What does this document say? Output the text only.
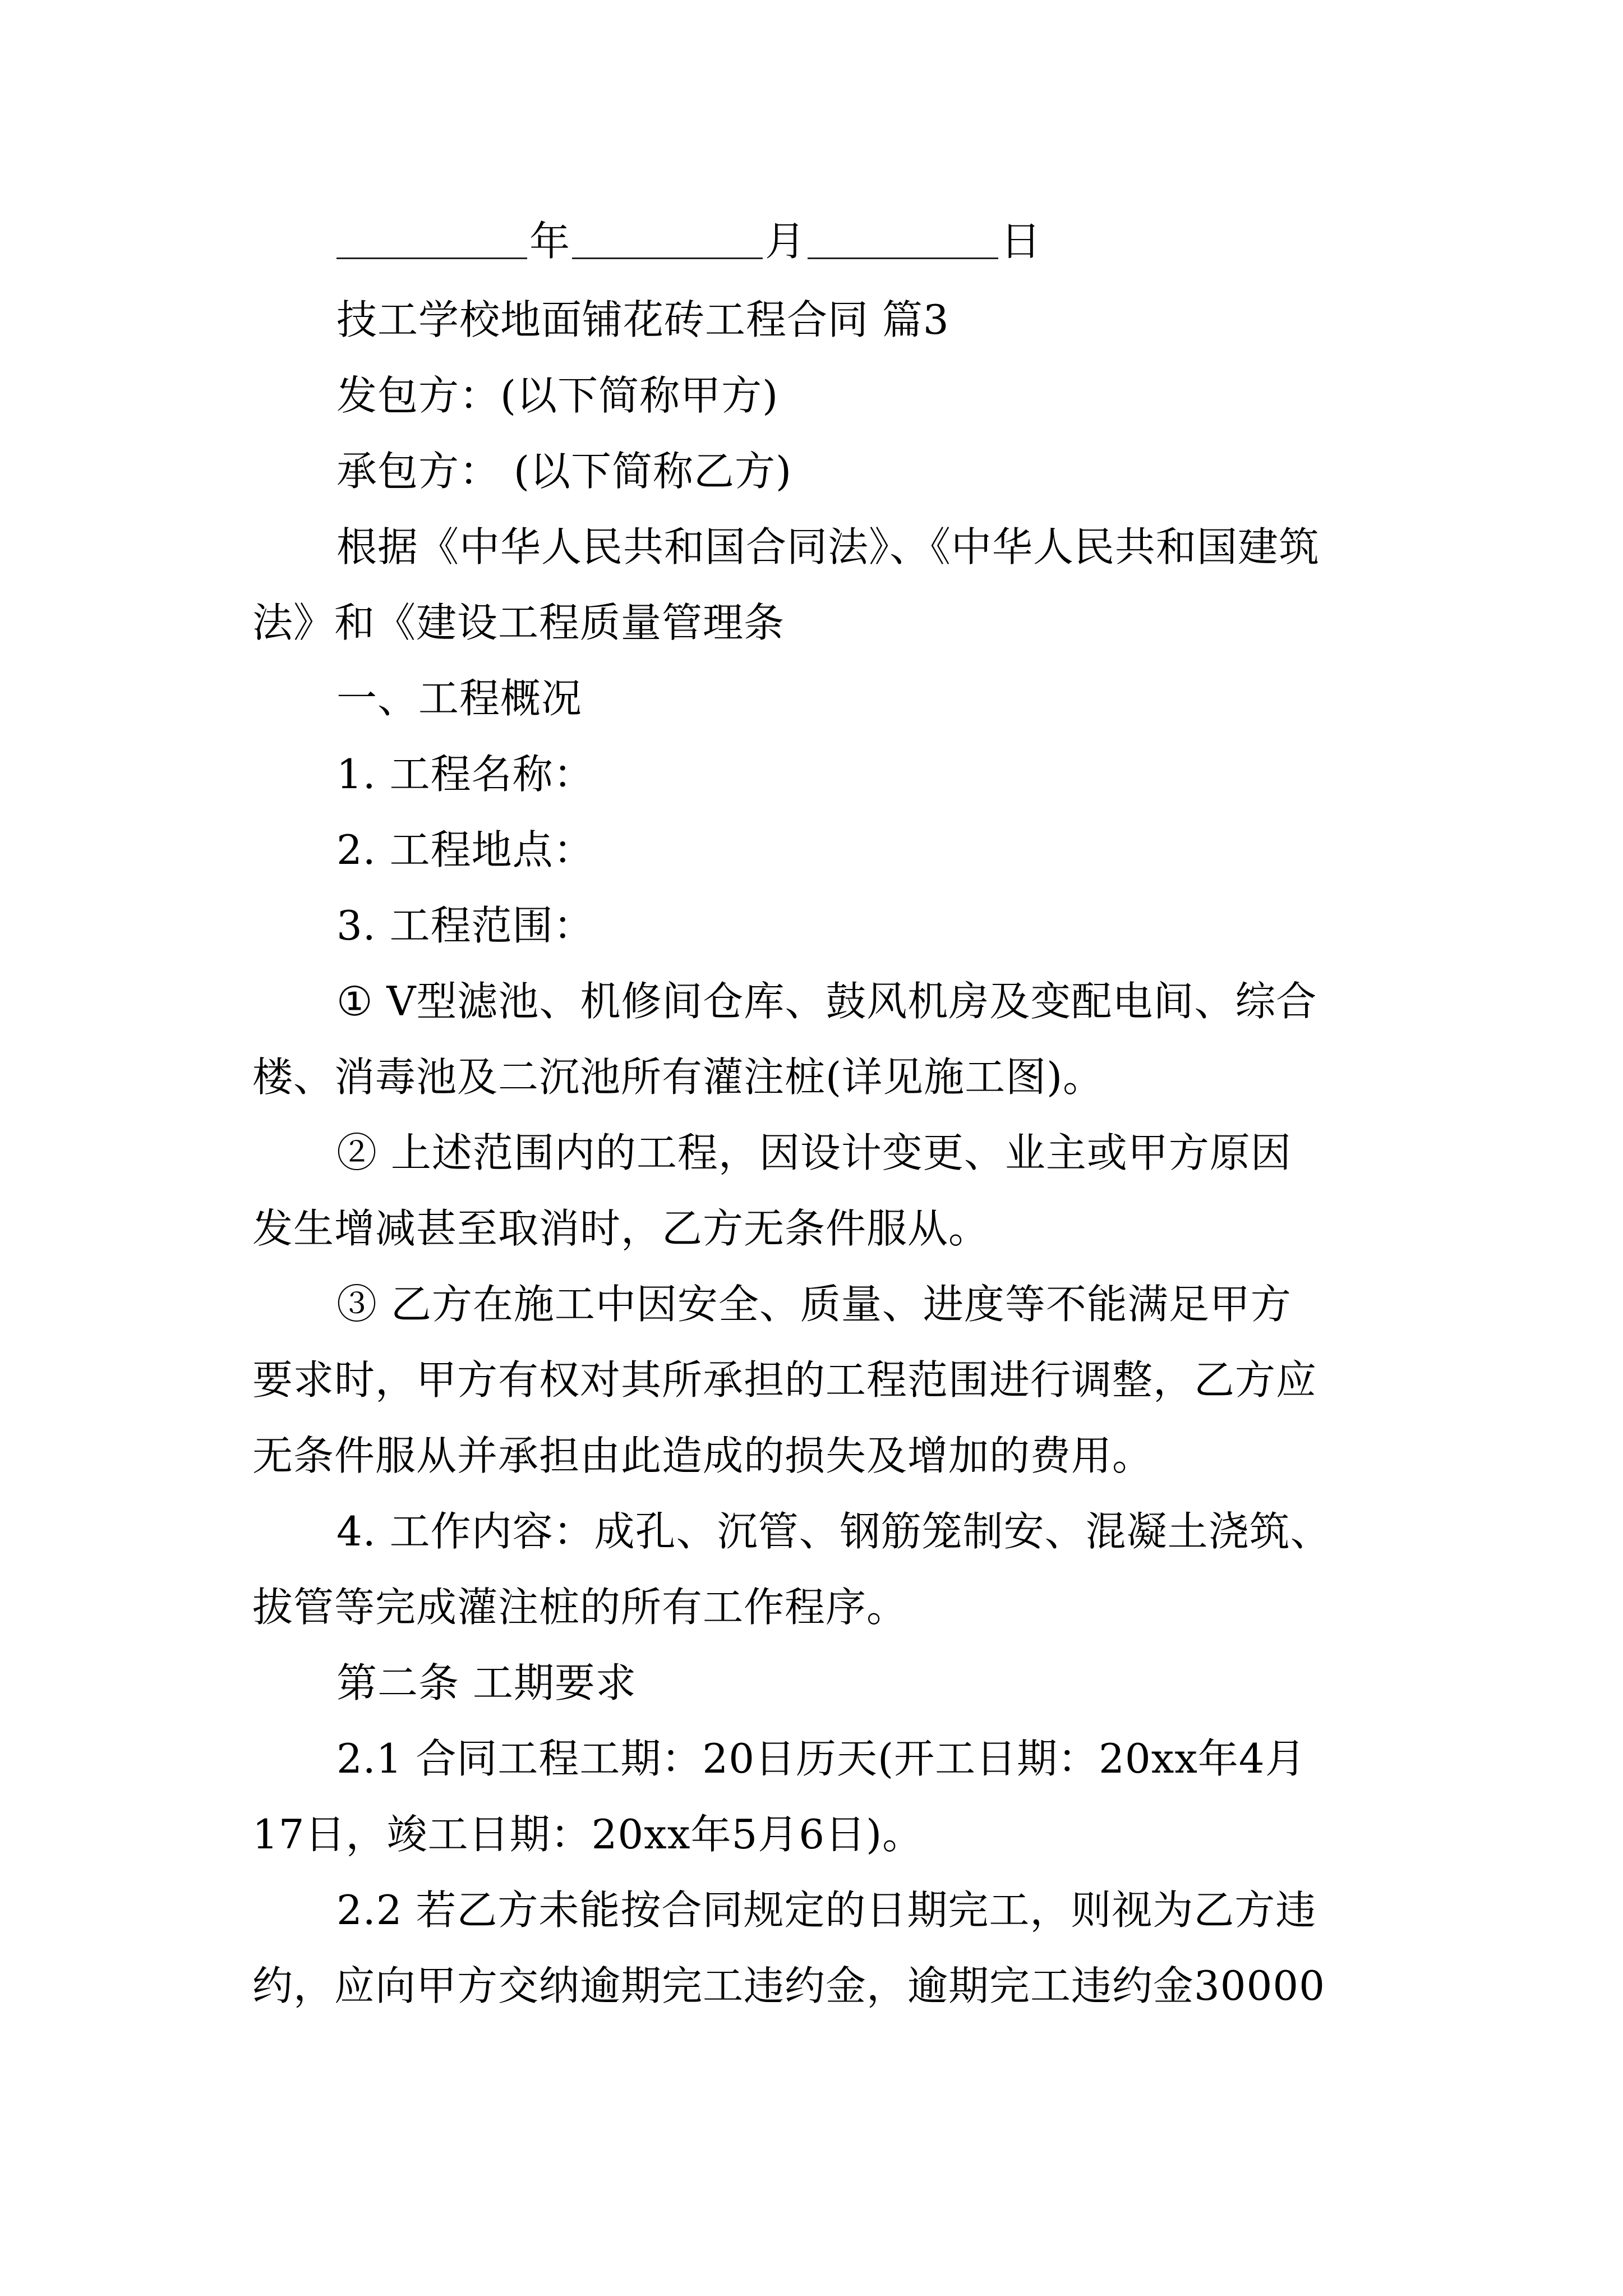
年	月	日
技工学校地面铺花砖工程合同 篇3
发包方：(以下简称甲方)
承包方： (以下简称乙方)
根据《中华人民共和国合同法》、《中华人民共和国建筑
法》和《建设工程质量管理条
一、工程概况
1. 工程名称：
2. 工程地点：
3. 工程范围：
① V型滤池、机修间仓库、鼓风机房及变配电间、综合
楼、消毒池及二沉池所有灌注桩(详见施工图)。
② 上述范围内的工程，因设计变更、业主或甲方原因
发生增减甚至取消时，乙方无条件服从。
③ 乙方在施工中因安全、质量、进度等不能满足甲方
要求时，甲方有权对其所承担的工程范围进行调整，乙方应
无条件服从并承担由此造成的损失及增加的费用。
4. 工作内容：成孔、沉管、钢筋笼制安、混凝土浇筑、
拔管等完成灌注桩的所有工作程序。
第二条 工期要求
2.1 合同工程工期：20日历天(开工日期：20xx年4月
17日，竣工日期：20xx年5月6日)。
2.2 若乙方未能按合同规定的日期完工，则视为乙方违
约，应向甲方交纳逾期完工违约金，逾期完工违约金30000
